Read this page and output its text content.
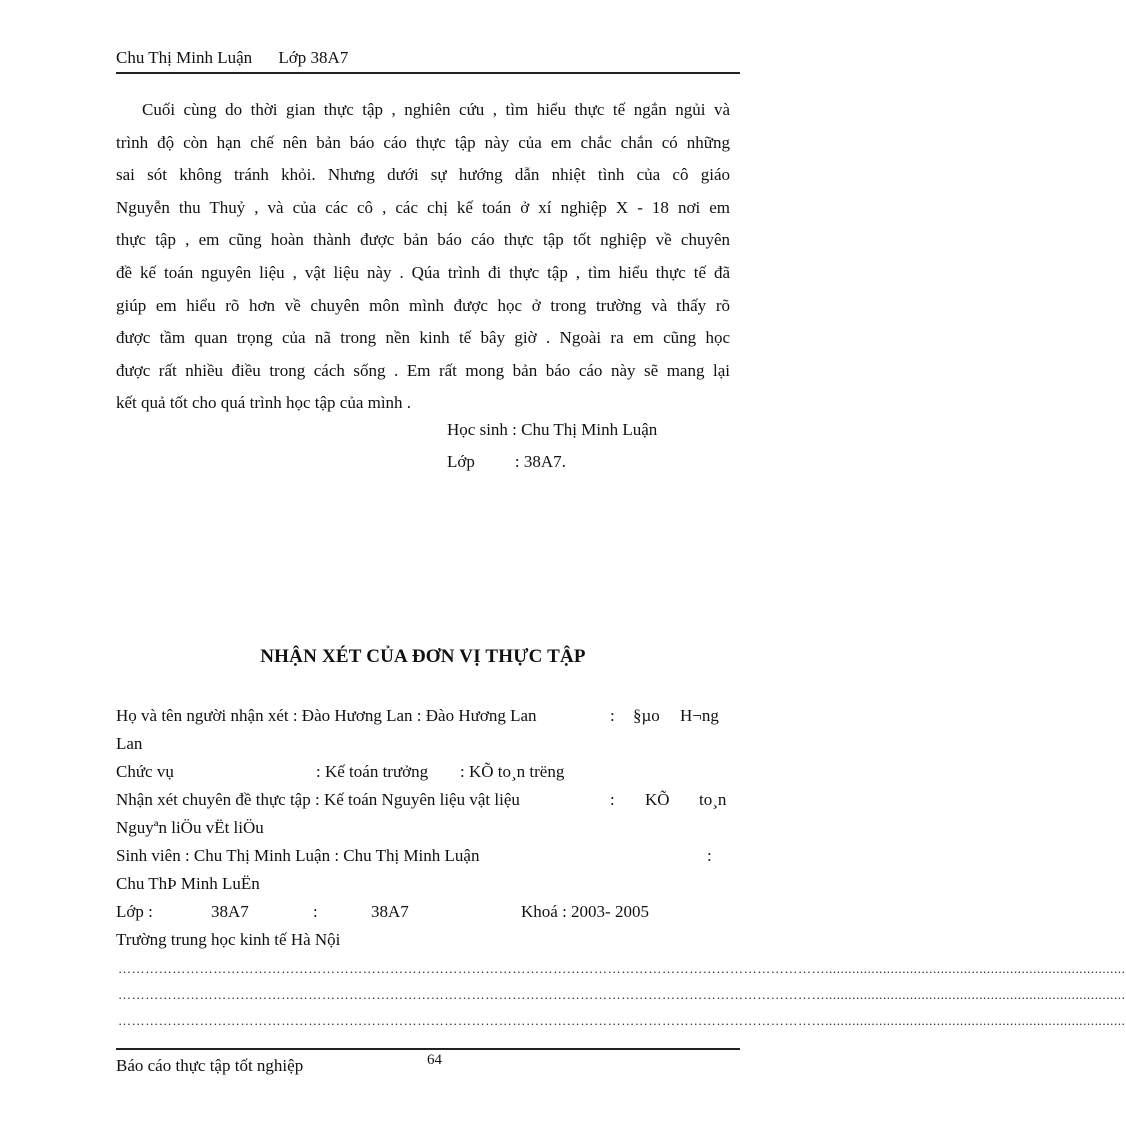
Chu Thị Minh Luận Lớp 38A7
Cuối cùng do thời gian thực tập , nghiên cứu , tìm hiểu thực tế ngắn ngủi và
trình độ còn hạn chế nên bản báo cáo thực tập này của em chắc chắn có những
sai sót không tránh khỏi. Nhưng dưới sự hướng dẫn nhiệt tình của cô giáo
Nguyễn thu Thuỷ , và của các cô , các chị kế toán ở xí nghiệp X - 18 nơi em
thực tập , em cũng hoàn thành được bản báo cáo thực tập tốt nghiệp về chuyên
đề kế toán nguyên liệu , vật liệu này . Qúa trình đi thực tập , tìm hiểu thực tế đã
giúp em hiểu rõ hơn về chuyên môn mình được học ở trong trường và thấy rõ
được tầm quan trọng của nã trong nền kinh tế bây giờ . Ngoài ra em cũng học
được rất nhiều điều trong cách sống . Em rất mong bản báo cáo này sẽ mang lại
kết quả tốt cho quá trình học tập của mình .
Học sinh : Chu Thị Minh Luận
Lớp : 38A7.
NHẬN XÉT CỦA ĐƠN VỊ THỰC TẬP
Họ và tên người nhận xét : Đào Hương Lan : Đào Hương Lan	: §µo H¬ng
Lan
Chức vụ	: Kế toán trưởng : KÕ to¸n trëng
Nhận xét chuyên đề thực tập : Kế toán Nguyên liệu vật liệu	: KÕ to¸n
Nguyªn liÖu vËt liÖu
Sinh viên : Chu Thị Minh Luận : Chu Thị Minh Luận	:
Chu ThÞ Minh LuËn
Lớp :	38A7	:	38A7	Khoá : 2003- 2005
Trường trung học kinh tế Hà Nội
…………………………………………………………………………………………………………………………………………..............................................................................
…………………………………………………………………………………………………………………………………………..............................................................................
…………………………………………………………………………………………………………………………………………..............................................................................
Báo cáo thực tập tốt nghiệp	64
